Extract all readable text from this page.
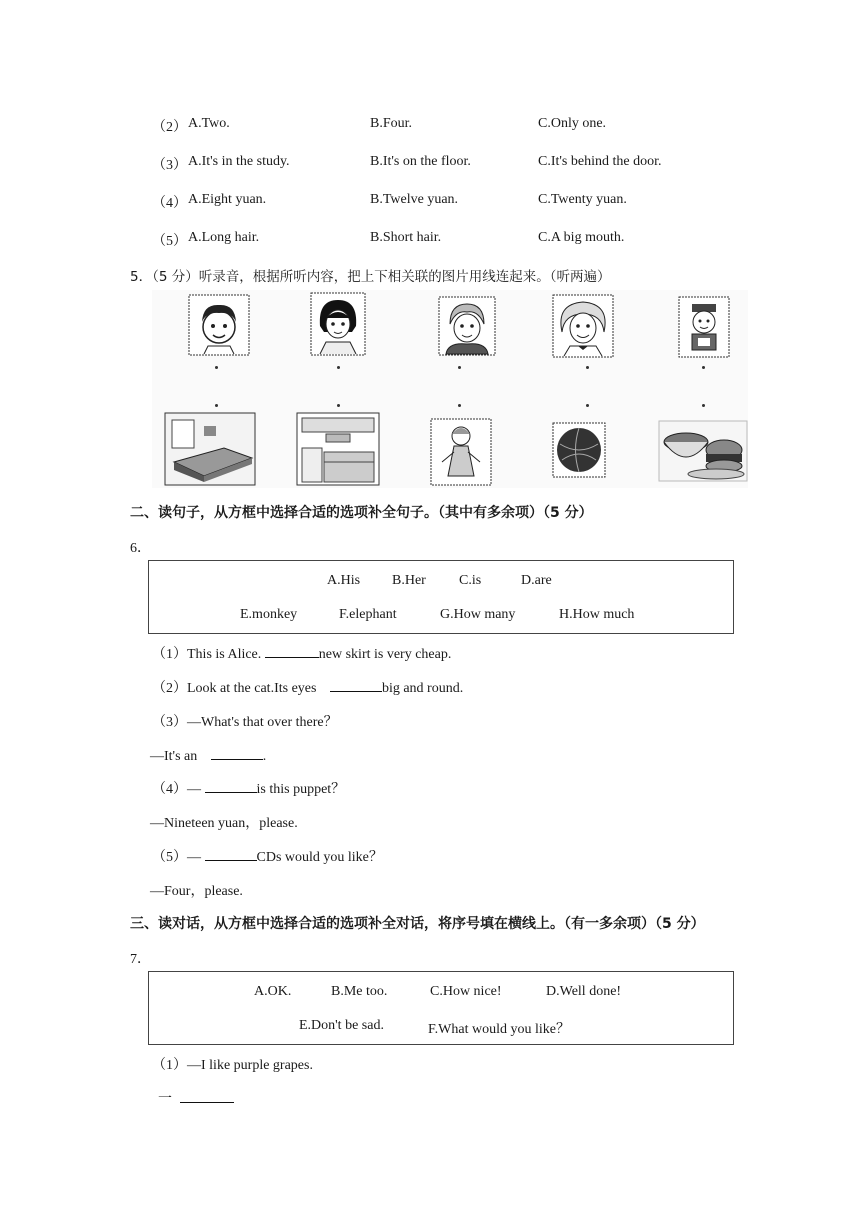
（2） A.Two.	B.Four.	C.Only one.
（3） A.It's in the study.	B.It's on the floor.	C.It's behind the door.
（4） A.Eight yuan.	B.Twelve yuan.	C.Twenty yuan.
（5） A.Long hair.	B.Short hair.	C.A big mouth.
5．（5 分）听录音，根据所听内容，把上下相关联的图片用线连起来。（听两遍）
二、读句子，从方框中选择合适的选项补全句子。（其中有多余项）（5 分）
6．
A.His B.Her C.is	D.are
E.monkey	F.elephant	G.How many	H.How much
（1）This is Alice.	new skirt is very cheap.
（2）Look at the cat.Its eyes	big and round.
（3）—What's that over there？
—It's an	.
（4）—	is this puppet？
—Nineteen yuan，please.
（5）—	CDs would you like？
—Four，please.
三、读对话，从方框中选择合适的选项补全对话，将序号填在横线上。（有一多余项）（5 分）
7．
A.OK.	B.Me too.	C.How nice!	D.Well done!
E.Don't be sad.	F.What would you like？
（1）—I like purple grapes.
一
